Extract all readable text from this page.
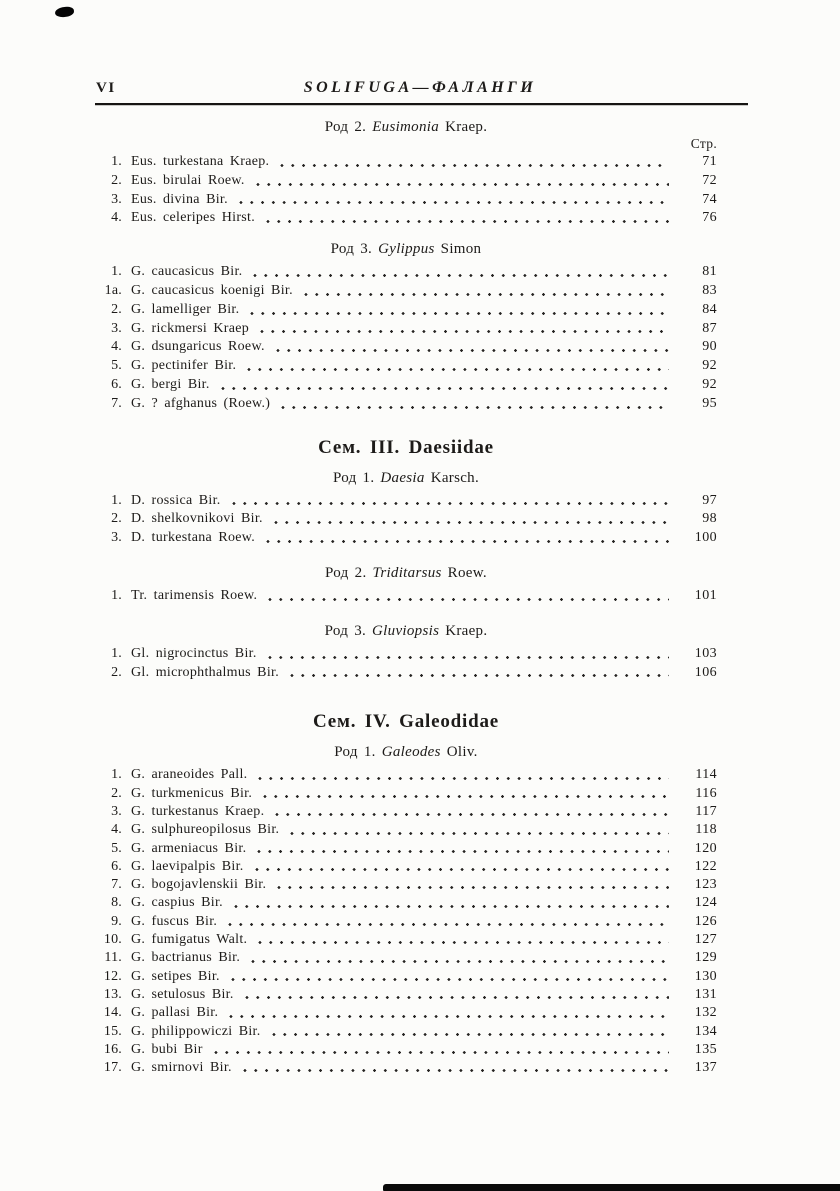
VI	SOLIFUGA—ФАЛАНГИ
Род 2. Eusimonia Kraep.
Стр.
1. Eus. turkestana Kraep.	71
2. Eus. birulai Roew.	72
3. Eus. divina Bir.	74
4. Eus. celeripes Hirst.	76
Род 3. Gylippus Simon
1. G. caucasicus Bir.	81
1a. G. caucasicus koenigi Bir.	83
2. G. lamelliger Bir.	84
3. G. rickmersi Kraep	87
4. G. dsungaricus Roew.	90
5. G. pectinifer Bir.	92
6. G. bergi Bir.	92
7. G. ? afghanus (Roew.)	95
Сем. III. Daesiidae
Род 1. Daesia Karsch.
1. D. rossica Bir.	97
2. D. shelkovnikovi Bir.	98
3. D. turkestana Roew.	100
Род 2. Triditarsus Roew.
1. Tr. tarimensis Roew.	101
Род 3. Gluviopsis Kraep.
1. Gl. nigrocinctus Bir.	103
2. Gl. microphthalmus Bir.	106
Сем. IV. Galeodidae
Род 1. Galeodes Oliv.
1. G. araneoides Pall.	114
2. G. turkmenicus Bir.	116
3. G. turkestanus Kraep.	117
4. G. sulphureopilosus Bir.	118
5. G. armeniacus Bir.	120
6. G. laevipalpis Bir.	122
7. G. bogojavlenskii Bir.	123
8. G. caspius Bir.	124
9. G. fuscus Bir.	126
10. G. fumigatus Walt.	127
11. G. bactrianus Bir.	129
12. G. setipes Bir.	130
13. G. setulosus Bir.	131
14. G. pallasi Bir.	132
15. G. philippowiczi Bir.	134
16. G. bubi Bir	135
17. G. smirnovi Bir.	137
